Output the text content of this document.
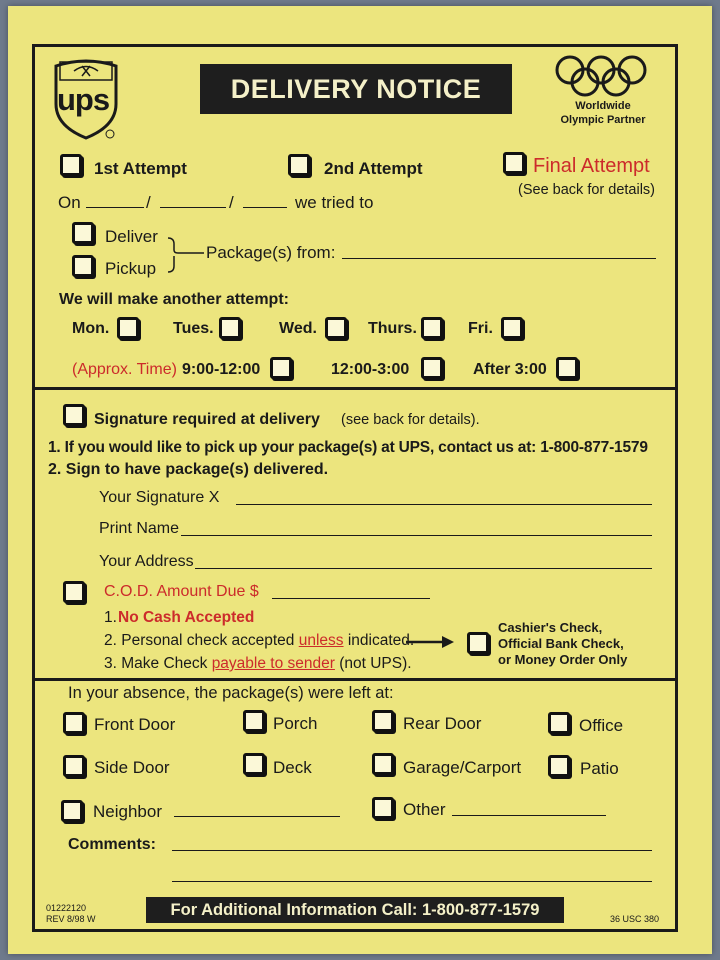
ups	DELIVERY NOTICE
Worldwide
Olympic Partner
1st Attempt	2nd Attempt	Final Attempt
(See back for details)
On	/	/	we tried to
Deliver
Pickup
Package(s) from:
We will make another attempt:
Mon.	Tues.	Wed.	Thurs.	Fri.
(Approx. Time) 9:00-12:00	12:00-3:00	After 3:00
Signature required at delivery (see back for details).
1. If you would like to pick up your package(s) at UPS, contact us at: 1-800-877-1579
2. Sign to have package(s) delivered.
Your Signature X
Print Name
Your Address
C.O.D. Amount Due $
1. No Cash Accepted
2. Personal check accepted unless indicated.
Cashier's Check,
Official Bank Check,
or Money Order Only
3. Make Check payable to sender (not UPS).
In your absence, the package(s) were left at:
Front Door	Porch	Rear Door	Office
Side Door	Deck	Garage/Carport	Patio
Neighbor	Other
Comments:
01222120
REV 8/98 W	For Additional Information Call: 1-800-877-1579	36 USC 380
